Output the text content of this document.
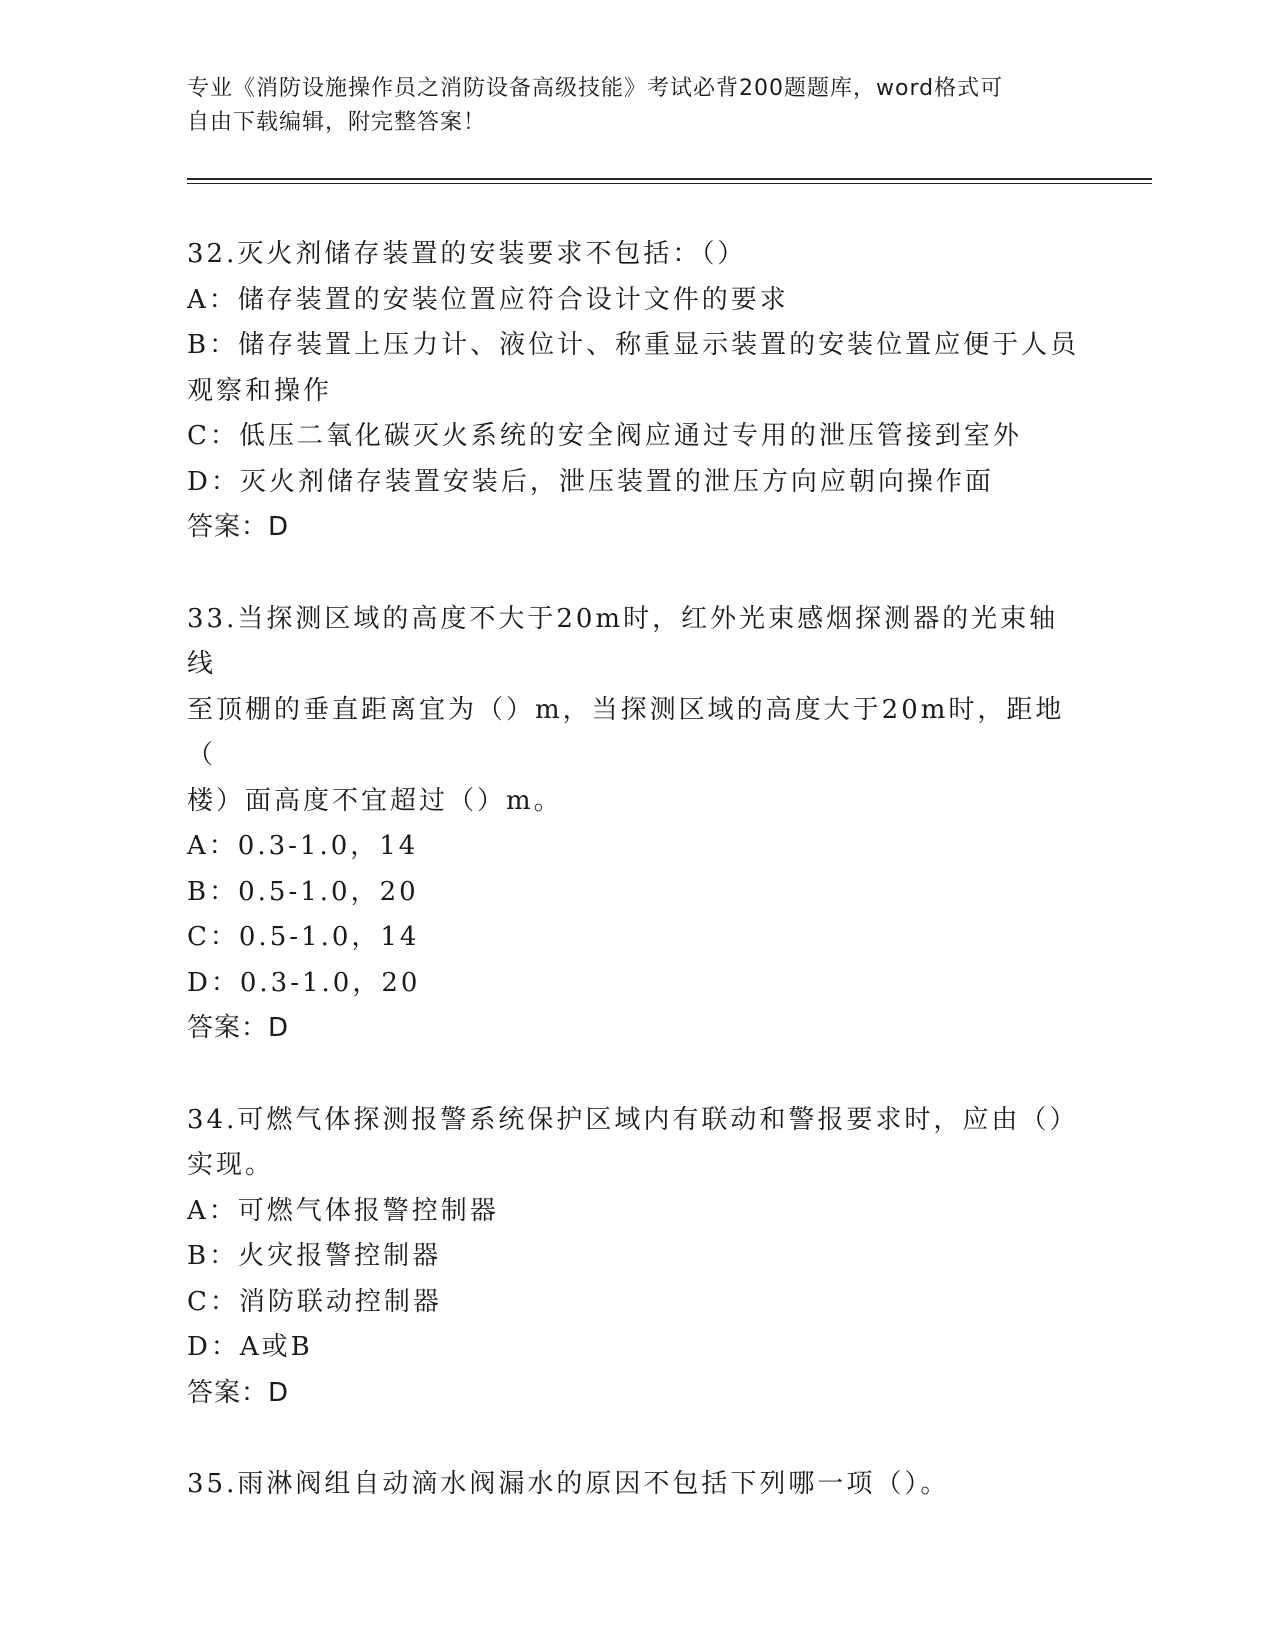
专业《消防设施操作员之消防设备高级技能》考试必背200题题库，word格式可
自由下载编辑，附完整答案！
32.灭火剂储存装置的安装要求不包括：（）
A：储存装置的安装位置应符合设计文件的要求
B：储存装置上压力计、液位计、称重显示装置的安装位置应便于人员
观察和操作
C：低压二氧化碳灭火系统的安全阀应通过专用的泄压管接到室外
D：灭火剂储存装置安装后，泄压装置的泄压方向应朝向操作面
答案：D
33.当探测区域的高度不大于20m时，红外光束感烟探测器的光束轴线
至顶棚的垂直距离宜为（）m，当探测区域的高度大于20m时，距地（
楼）面高度不宜超过（）m。
A：0.3-1.0，14
B：0.5-1.0，20
C：0.5-1.0，14
D：0.3-1.0，20
答案：D
34.可燃气体探测报警系统保护区域内有联动和警报要求时，应由（）
实现。
A：可燃气体报警控制器
B：火灾报警控制器
C：消防联动控制器
D：A或B
答案：D
35.雨淋阀组自动滴水阀漏水的原因不包括下列哪一项（）。
